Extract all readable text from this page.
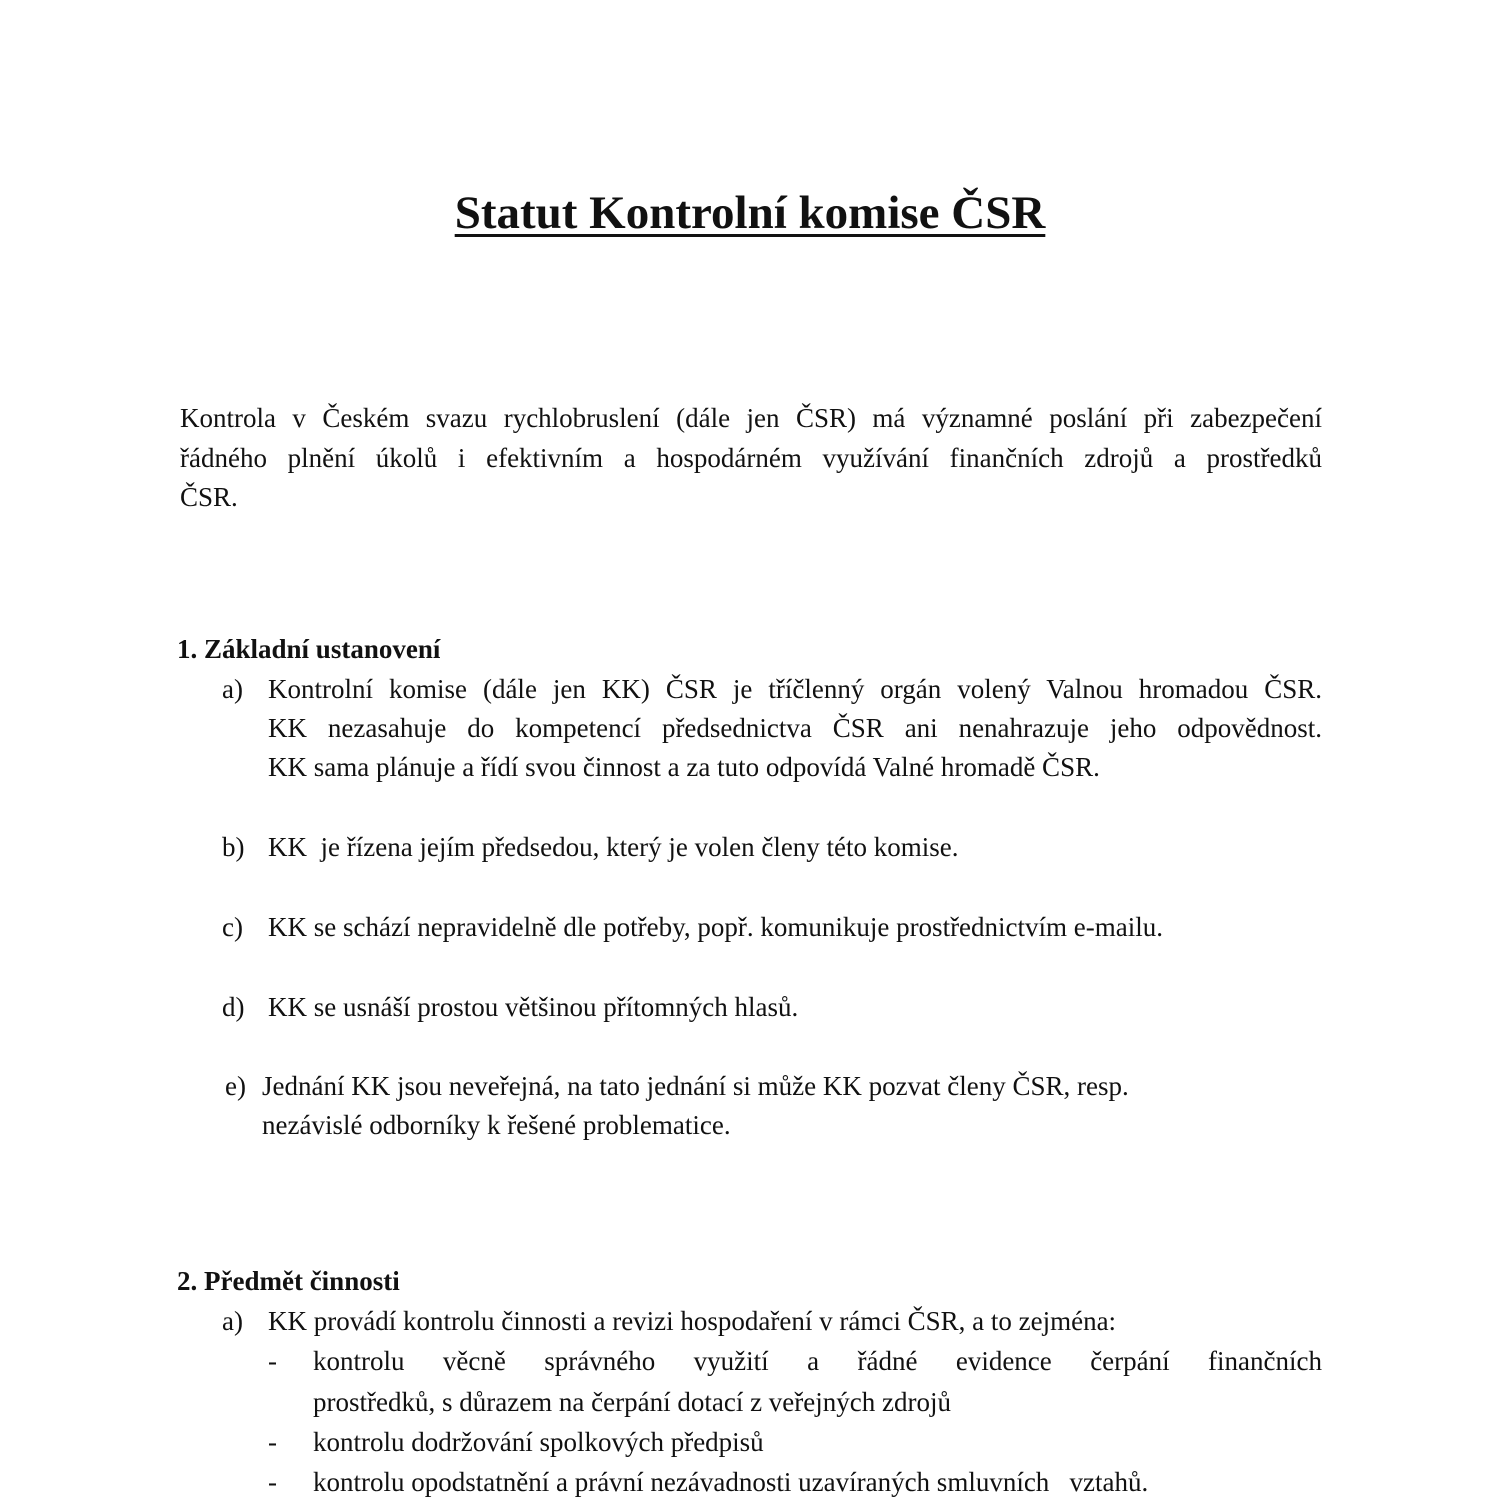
Statut Kontrolní komise ČSR
Kontrola v Českém svazu rychlobruslení (dále jen ČSR) má významné poslání při zabezpečení
řádného plnění úkolů i efektivním a hospodárném využívání finančních zdrojů a prostředků
ČSR.
1. Základní ustanovení
a) Kontrolní komise (dále jen KK) ČSR je tříčlenný orgán volený Valnou hromadou ČSR.
KK nezasahuje do kompetencí předsednictva ČSR ani nenahrazuje jeho odpovědnost.
KK sama plánuje a řídí svou činnost a za tuto odpovídá Valné hromadě ČSR.
b) KK  je řízena jejím předsedou, který je volen členy této komise.
c) KK se schází nepravidelně dle potřeby, popř. komunikuje prostřednictvím e-mailu.
d) KK se usnáší prostou většinou přítomných hlasů.
e) Jednání KK jsou neveřejná, na tato jednání si může KK pozvat členy ČSR, resp.
nezávislé odborníky k řešené problematice.
2. Předmět činnosti
a) KK provádí kontrolu činnosti a revizi hospodaření v rámci ČSR, a to zejména:
- kontrolu věcně správného využití a řádné evidence čerpání finančních
prostředků, s důrazem na čerpání dotací z veřejných zdrojů
- kontrolu dodržování spolkových předpisů
- kontrolu opodstatnění a právní nezávadnosti uzavíraných smluvních   vztahů.
